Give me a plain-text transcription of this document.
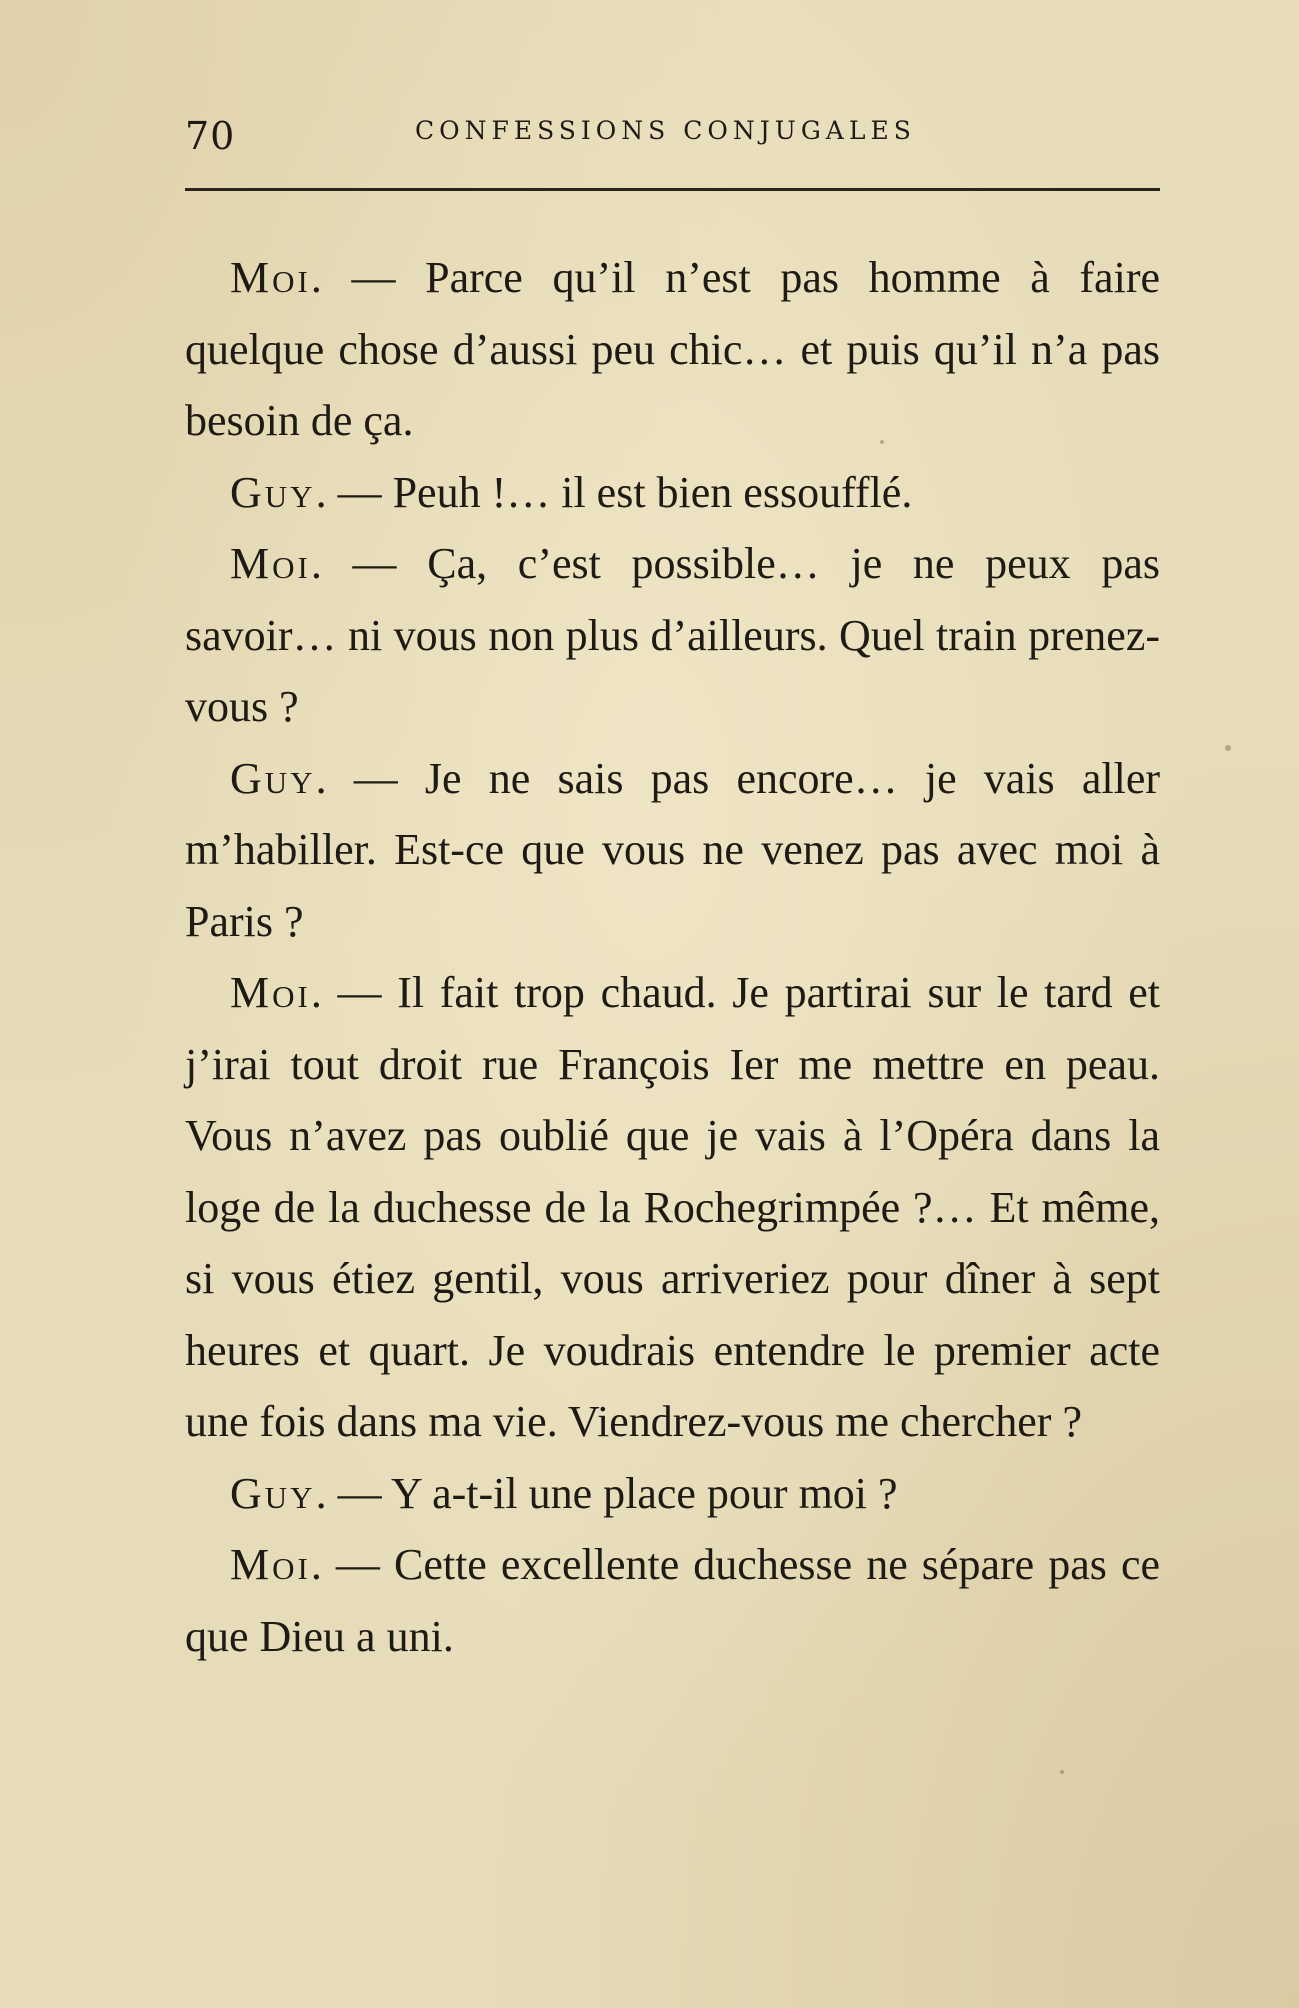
70	CONFESSIONS CONJUGALES

Moi. — Parce qu’il n’est pas homme à faire quelque chose d’aussi peu chic… et puis qu’il n’a pas besoin de ça.

Guy. — Peuh !… il est bien essoufflé.

Moi. — Ça, c’est possible… je ne peux pas savoir… ni vous non plus d’ailleurs. Quel train prenez-vous ?

Guy. — Je ne sais pas encore… je vais aller m’habiller. Est-ce que vous ne venez pas avec moi à Paris ?

Moi. — Il fait trop chaud. Je partirai sur le tard et j’irai tout droit rue François Ier me mettre en peau. Vous n’avez pas oublié que je vais à l’Opéra dans la loge de la duchesse de la Rochegrimpée ?… Et même, si vous étiez gentil, vous arriveriez pour dîner à sept heures et quart. Je voudrais entendre le premier acte une fois dans ma vie. Viendrez-vous me chercher ?

Guy. — Y a-t-il une place pour moi ?

Moi. — Cette excellente duchesse ne sépare pas ce que Dieu a uni.
